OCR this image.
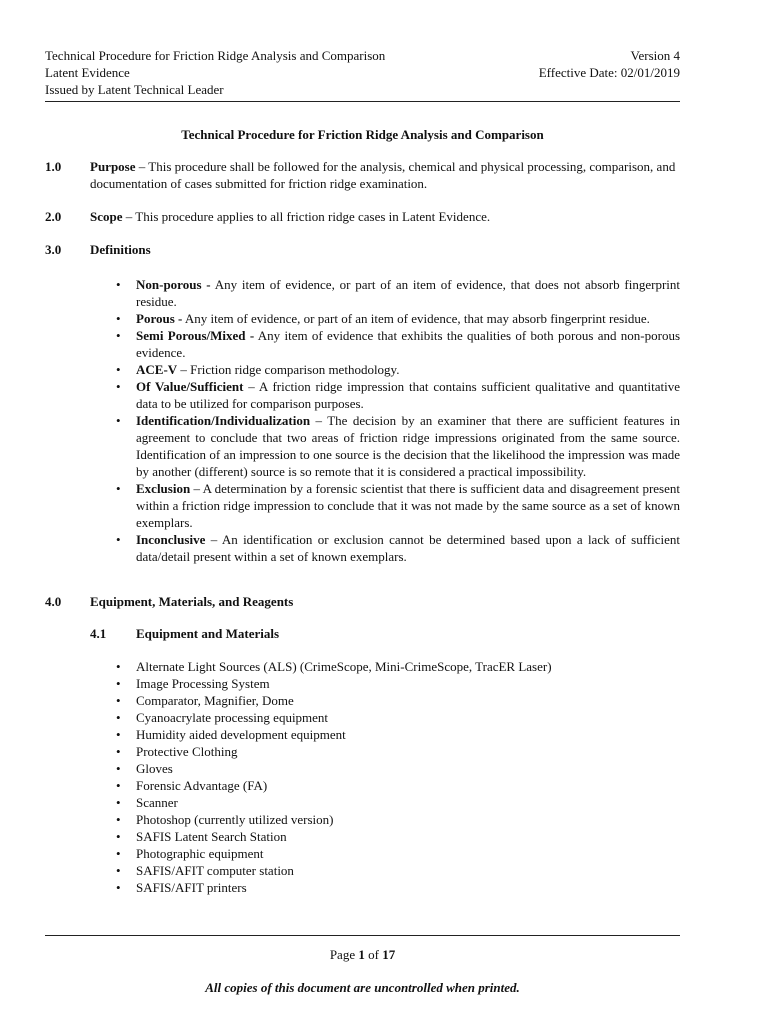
Technical Procedure for Friction Ridge Analysis and Comparison
Latent Evidence
Issued by Latent Technical Leader
Version 4
Effective Date: 02/01/2019
Technical Procedure for Friction Ridge Analysis and Comparison
1.0 Purpose – This procedure shall be followed for the analysis, chemical and physical processing, comparison, and documentation of cases submitted for friction ridge examination.
2.0 Scope – This procedure applies to all friction ridge cases in Latent Evidence.
3.0 Definitions
• Non-porous - Any item of evidence, or part of an item of evidence, that does not absorb fingerprint residue.
• Porous - Any item of evidence, or part of an item of evidence, that may absorb fingerprint residue.
• Semi Porous/Mixed - Any item of evidence that exhibits the qualities of both porous and non-porous evidence.
• ACE-V – Friction ridge comparison methodology.
• Of Value/Sufficient – A friction ridge impression that contains sufficient qualitative and quantitative data to be utilized for comparison purposes.
• Identification/Individualization – The decision by an examiner that there are sufficient features in agreement to conclude that two areas of friction ridge impressions originated from the same source. Identification of an impression to one source is the decision that the likelihood the impression was made by another (different) source is so remote that it is considered a practical impossibility.
• Exclusion – A determination by a forensic scientist that there is sufficient data and disagreement present within a friction ridge impression to conclude that it was not made by the same source as a set of known exemplars.
• Inconclusive – An identification or exclusion cannot be determined based upon a lack of sufficient data/detail present within a set of known exemplars.
4.0 Equipment, Materials, and Reagents
4.1 Equipment and Materials
• Alternate Light Sources (ALS) (CrimeScope, Mini-CrimeScope, TracER Laser)
• Image Processing System
• Comparator, Magnifier, Dome
• Cyanoacrylate processing equipment
• Humidity aided development equipment
• Protective Clothing
• Gloves
• Forensic Advantage (FA)
• Scanner
• Photoshop (currently utilized version)
• SAFIS Latent Search Station
• Photographic equipment
• SAFIS/AFIT computer station
• SAFIS/AFIT printers
Page 1 of 17
All copies of this document are uncontrolled when printed.
